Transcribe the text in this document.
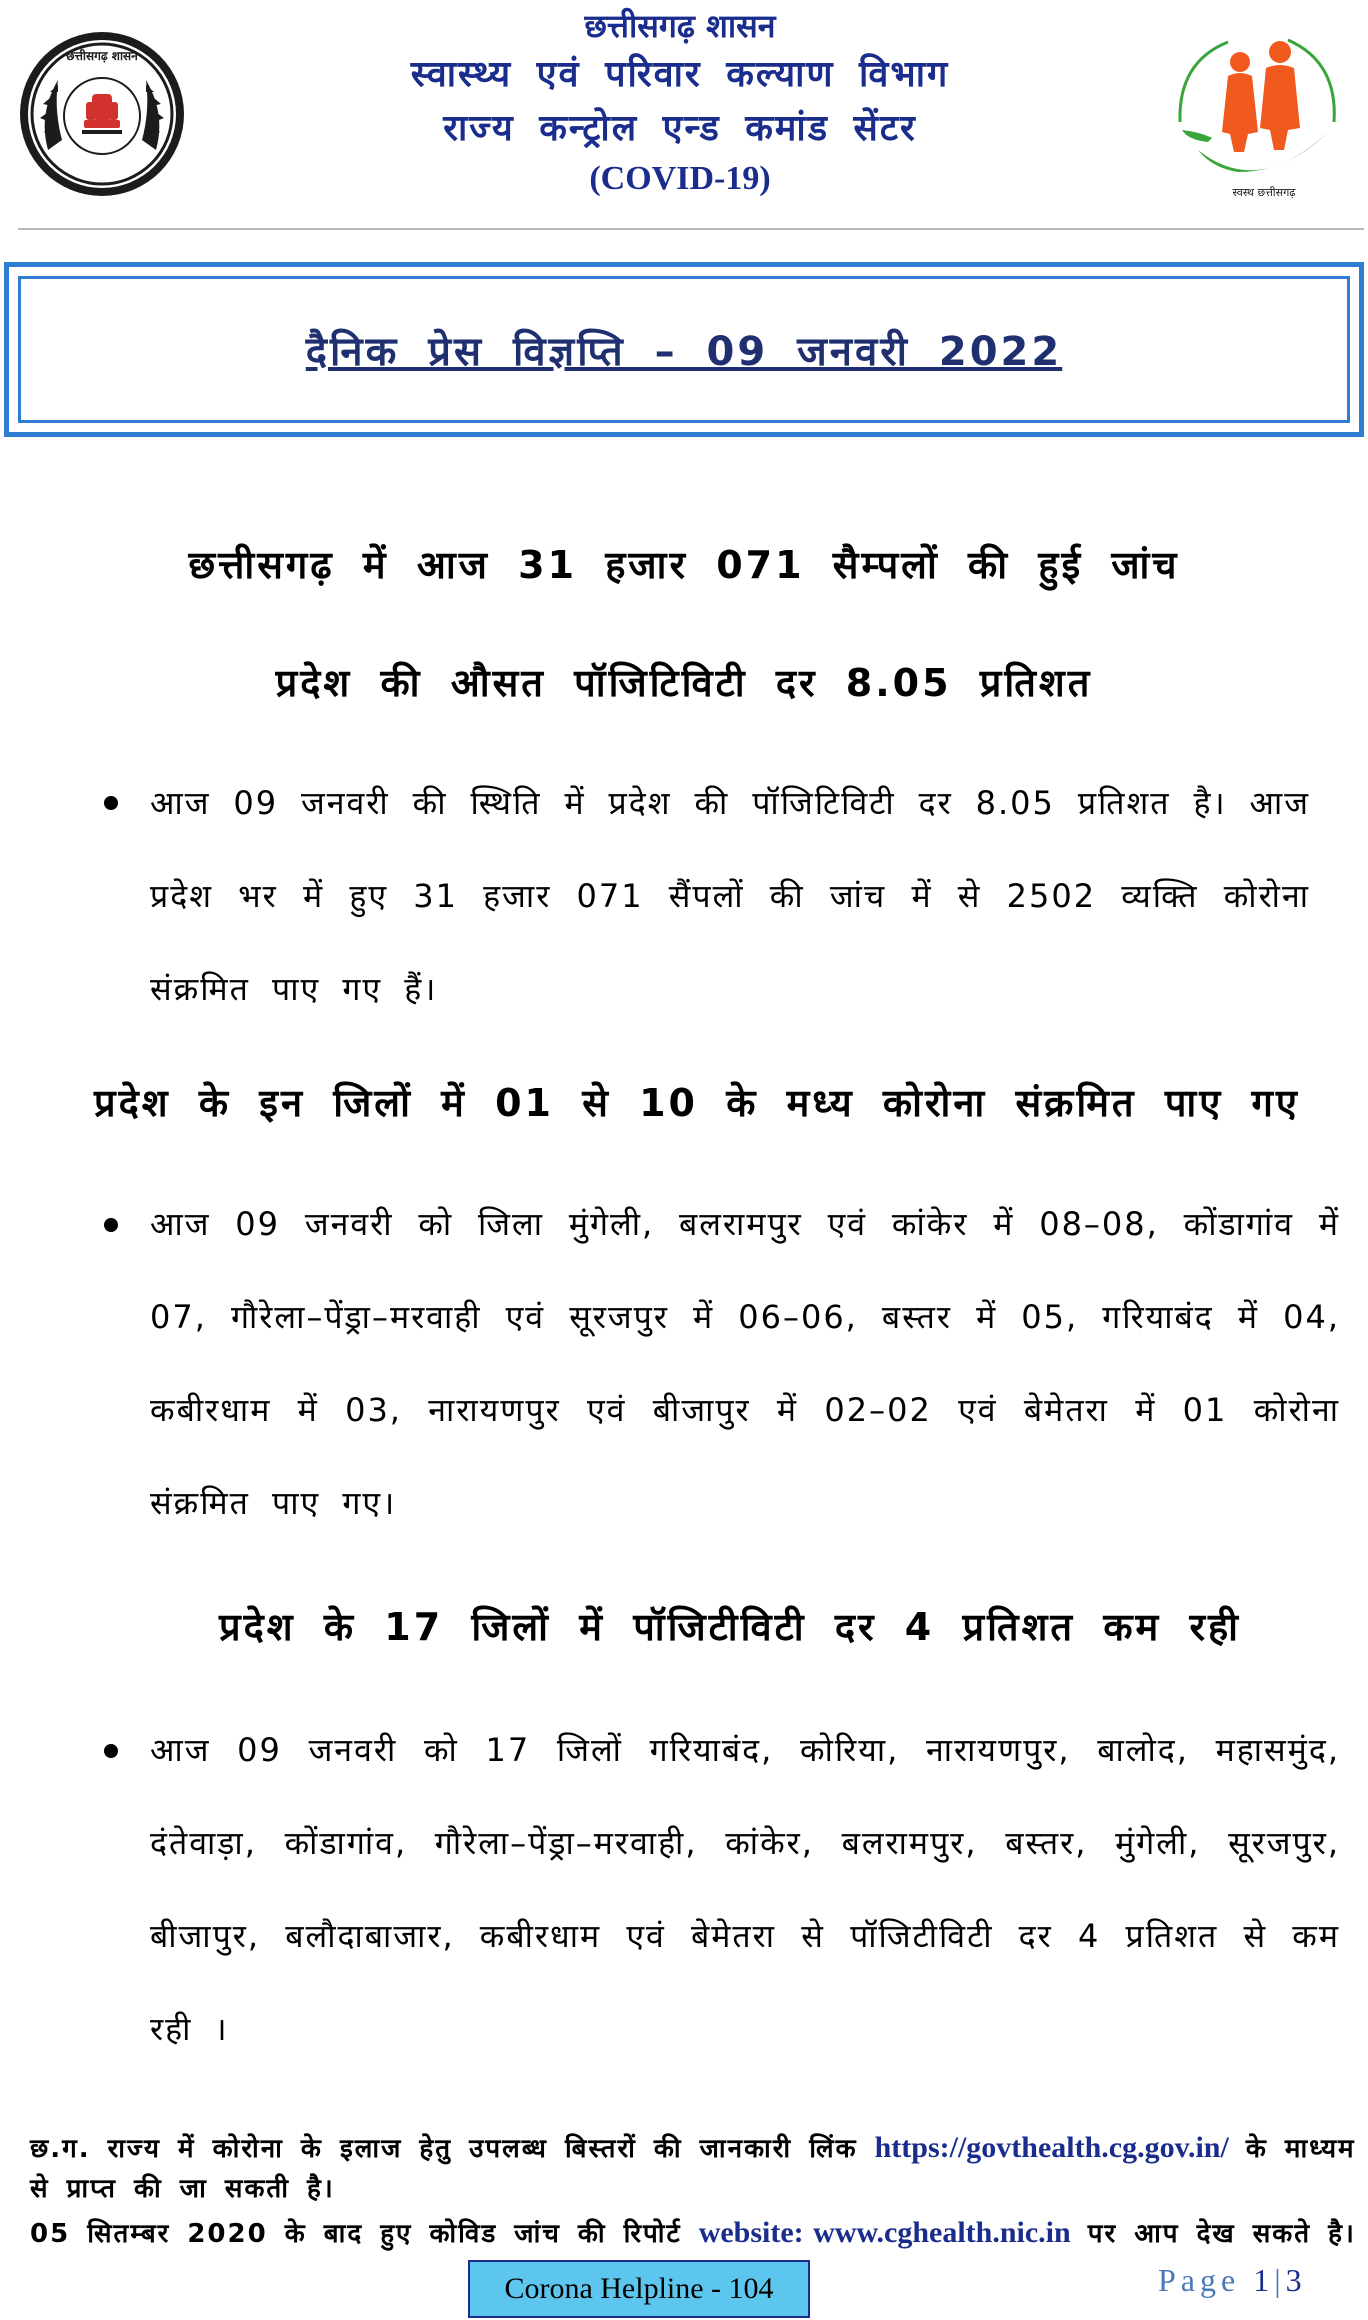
छत्तीसगढ़ शासन
छत्तीसगढ़ शासन
स्वास्थ्य एवं परिवार कल्याण विभाग
राज्य कन्ट्रोल एन्ड कमांड सेंटर
(COVID-19)	स्वस्थ छत्तीसगढ़
दैनिक प्रेस विज्ञप्ति – 09 जनवरी 2022
छत्तीसगढ़ में आज 31 हजार 071 सैम्पलों की हुई जांच
प्रदेश की औसत पॉजिटिविटी दर 8.05 प्रतिशत

आज 09 जनवरी की स्थिति में प्रदेश की पॉजिटिविटी दर 8.05 प्रतिशत है। आज प्रदेश भर में हुए 31 हजार 071 सैंपलों की जांच में से 2502 व्यक्ति कोरोना संक्रमित पाए गए हैं।

प्रदेश के इन जिलों में 01 से 10 के मध्य कोरोना संक्रमित पाए गए

आज 09 जनवरी को जिला मुंगेली, बलरामपुर एवं कांकेर में 08–08, कोंडागांव में 07, गौरेला–पेंड्रा–मरवाही एवं सूरजपुर में 06–06, बस्तर में 05, गरियाबंद में 04, कबीरधाम में 03, नारायणपुर एवं बीजापुर में 02–02 एवं बेमेतरा में 01 कोरोना संक्रमित पाए गए।

प्रदेश के 17 जिलों में पॉजिटीविटी दर 4 प्रतिशत कम रही

आज 09 जनवरी को 17 जिलों गरियाबंद, कोरिया, नारायणपुर, बालोद, महासमुंद, दंतेवाड़ा, कोंडागांव, गौरेला–पेंड्रा–मरवाही, कांकेर, बलरामपुर, बस्तर, मुंगेली, सूरजपुर, बीजापुर, बलौदाबाजार, कबीरधाम एवं बेमेतरा से पॉजिटीविटी दर 4 प्रतिशत से कम रही ।

छ.ग. राज्य में कोरोना के इलाज हेतु उपलब्ध बिस्तरों की जानकारी लिंक https://govthealth.cg.gov.in/ के माध्यम से प्राप्त की जा सकती है।
05 सितम्बर 2020 के बाद हुए कोविड जांच की रिपोर्ट website: www.cghealth.nic.in पर आप देख सकते है।
Corona Helpline - 104	Page 1|3
